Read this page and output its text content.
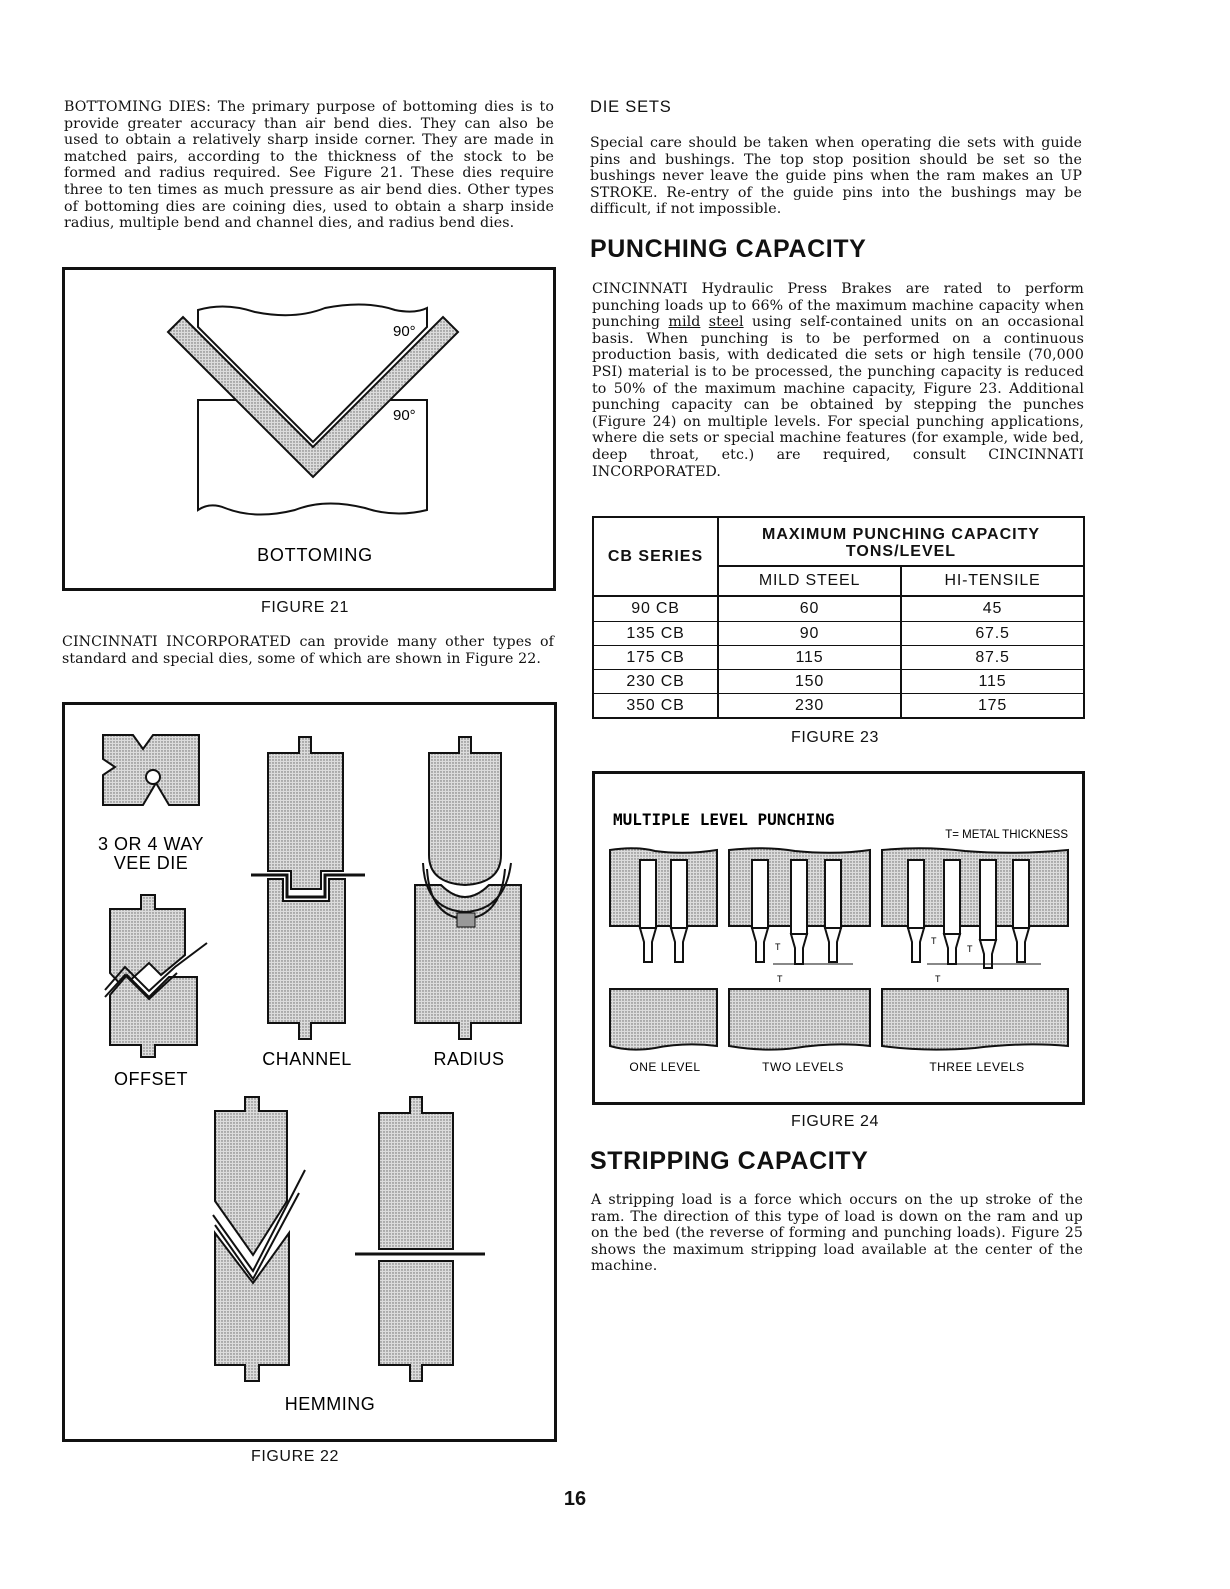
BOTTOMING DIES: The primary purpose of bottoming dies is to provide greater accuracy than air bend dies. They can also be used to obtain a relatively sharp inside corner. They are made in matched pairs, according to the thickness of the stock to be formed and radius required. See Figure 21. These dies require three to ten times as much pressure as air bend dies. Other types of bottoming dies are coining dies, used to obtain a sharp inside radius, multiple bend and channel dies, and radius bend dies.
90°
90°
BOTTOMING
FIGURE 21
CINCINNATI INCORPORATED can provide many other types of standard and special dies, some of which are shown in Figure 22.
3 OR 4 WAY
VEE DIE
OFFSET
CHANNEL	RADIUS
HEMMING
FIGURE 22
DIE SETS
Special care should be taken when operating die sets with guide pins and bushings. The top stop position should be set so the bushings never leave the guide pins when the ram makes an UP STROKE. Re-entry of the guide pins into the bushings may be difficult, if not impossible.
PUNCHING CAPACITY
CINCINNATI Hydraulic Press Brakes are rated to perform punching loads up to 66% of the maximum machine capacity when punching mild steel using self-contained units on an occasional basis. When punching is to be performed on a continuous production basis, with dedicated die sets or high tensile (70,000 PSI) material is to be processed, the punching capacity is reduced to 50% of the maximum machine capacity, Figure 23. Additional punching capacity can be obtained by stepping the punches (Figure 24) on multiple levels. For special punching applications, where die sets or special machine features (for example, wide bed, deep throat, etc.) are required, consult CINCINNATI INCORPORATED.
CB SERIES
MAXIMUM PUNCHING CAPACITY
TONS/LEVEL
MILD STEEL	HI-TENSILE
90 CB	60	45
135 CB	90	67.5
175 CB	115	87.5
230 CB	150	115
350 CB	230	175
FIGURE 23
MULTIPLE LEVEL PUNCHING
T= METAL THICKNESS
ONE LEVEL
T
T
TWO LEVELS
T
T
T
THREE LEVELS
FIGURE 24
STRIPPING CAPACITY
A stripping load is a force which occurs on the up stroke of the ram. The direction of this type of load is down on the ram and up on the bed (the reverse of forming and punching loads). Figure 25 shows the maximum stripping load available at the center of the machine.
16
